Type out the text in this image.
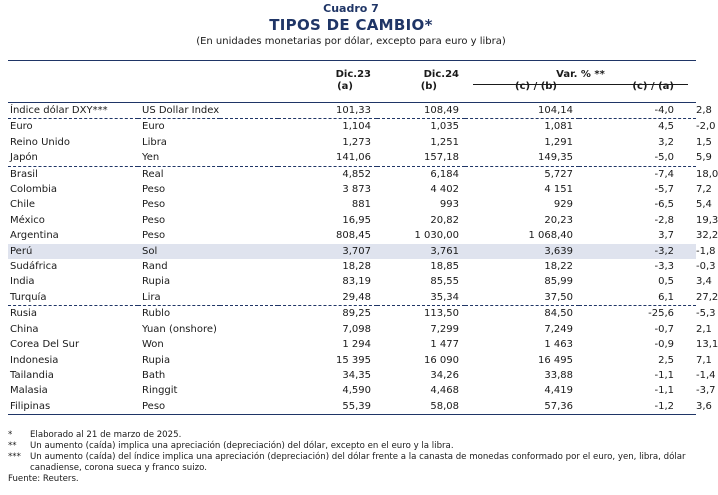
Cuadro 7
TIPOS DE CAMBIO*
(En unidades monetarias por dólar, excepto para euro y libra)

		Dic.23	Dic.24	Var. % **		

		(a)	(b)	(c) / (b)	(c) / (a)	

Índice dólar DXY***	US Dollar Index	101,33	108,49	104,14	-4,0	2,8
Euro	Euro	1,104	1,035	1,081	4,5	-2,0
Reino Unido	Libra	1,273	1,251	1,291	3,2	1,5
Japón	Yen	141,06	157,18	149,35	-5,0	5,9
Brasil	Real	4,852	6,184	5,727	-7,4	18,0
Colombia	Peso	3 873	4 402	4 151	-5,7	7,2
Chile	Peso	881	993	929	-6,5	5,4
México	Peso	16,95	20,82	20,23	-2,8	19,3
Argentina	Peso	808,45	1 030,00	1 068,40	3,7	32,2
Perú	Sol	3,707	3,761	3,639	-3,2	-1,8
Sudáfrica	Rand	18,28	18,85	18,22	-3,3	-0,3
India	Rupia	83,19	85,55	85,99	0,5	3,4
Turquía	Lira	29,48	35,34	37,50	6,1	27,2
Rusia	Rublo	89,25	113,50	84,50	-25,6	-5,3
China	Yuan (onshore)	7,098	7,299	7,249	-0,7	2,1
Corea Del Sur	Won	1 294	1 477	1 463	-0,9	13,1
Indonesia	Rupia	15 395	16 090	16 495	2,5	7,1
Tailandia	Bath	34,35	34,26	33,88	-1,1	-1,4
Malasia	Ringgit	4,590	4,468	4,419	-1,1	-3,7
Filipinas	Peso	55,39	58,08	57,36	-1,2	3,6
*	Elaborado al 21 de marzo de 2025.
**	Un aumento (caída) implica una apreciación (depreciación) del dólar, excepto en el euro y la libra.
***	Un aumento (caída) del índice implica una apreciación (depreciación) del dólar frente a la canasta de monedas conformado por el euro, yen, libra, dólar canadiense, corona sueca y franco suizo.
Fuente: Reuters.
